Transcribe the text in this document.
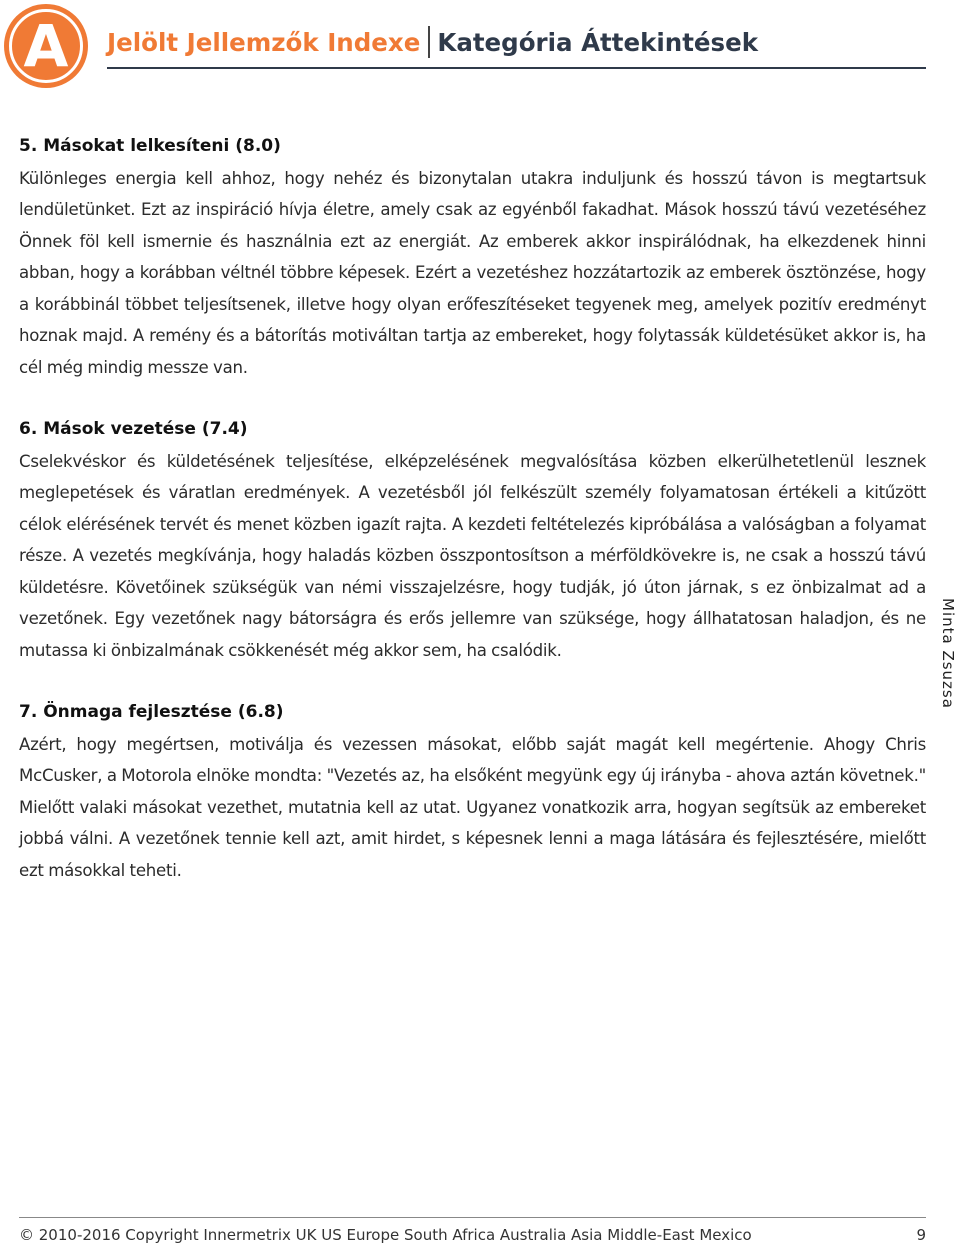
A Jelölt Jellemzők Indexe Kategória Áttekintések

5. Másokat lelkesíteni (8.0)

Különleges energia kell ahhoz, hogy nehéz és bizonytalan utakra induljunk és hosszú távon is megtartsuk lendületünket. Ezt az inspiráció hívja életre, amely csak az egyénből fakadhat. Mások hosszú távú vezetéséhez Önnek föl kell ismernie és használnia ezt az energiát. Az emberek akkor inspirálódnak, ha elkezdenek hinni abban, hogy a korábban véltnél többre képesek. Ezért a vezetéshez hozzátartozik az emberek ösztönzése, hogy a korábbinál többet teljesítsenek, illetve hogy olyan erőfeszítéseket tegyenek meg, amelyek pozitív eredményt hoznak majd. A remény és a bátorítás motiváltan tartja az embereket, hogy folytassák küldetésüket akkor is, ha cél még mindig messze van.

6. Mások vezetése (7.4)

Cselekvéskor és küldetésének teljesítése, elképzelésének megvalósítása közben elkerülhetetlenül lesznek meglepetések és váratlan eredmények. A vezetésből jól felkészült személy folyamatosan értékeli a kitűzött célok elérésének tervét és menet közben igazít rajta. A kezdeti feltételezés kipróbálása a valóságban a folyamat része. A vezetés megkívánja, hogy haladás közben összpontosítson a mérföldkövekre is, ne csak a hosszú távú küldetésre. Követőinek szükségük van némi visszajelzésre, hogy tudják, jó úton járnak, s ez önbizalmat ad a vezetőnek. Egy vezetőnek nagy bátorságra és erős jellemre van szüksége, hogy állhatatosan haladjon, és ne mutassa ki önbizalmának csökkenését még akkor sem, ha csalódik.

7. Önmaga fejlesztése (6.8)

Azért, hogy megértsen, motiválja és vezessen másokat, előbb saját magát kell megértenie. Ahogy Chris McCusker, a Motorola elnöke mondta: "Vezetés az, ha elsőként megyünk egy új irányba - ahova aztán követnek." Mielőtt valaki másokat vezethet, mutatnia kell az utat. Ugyanez vonatkozik arra, hogyan segítsük az embereket jobbá válni. A vezetőnek tennie kell azt, amit hirdet, s képesnek lenni a maga látására és fejlesztésére, mielőtt ezt másokkal teheti.

Minta Zsuzsa
© 2010-2016 Copyright Innermetrix UK US Europe South Africa Australia Asia Middle-East Mexico	9
